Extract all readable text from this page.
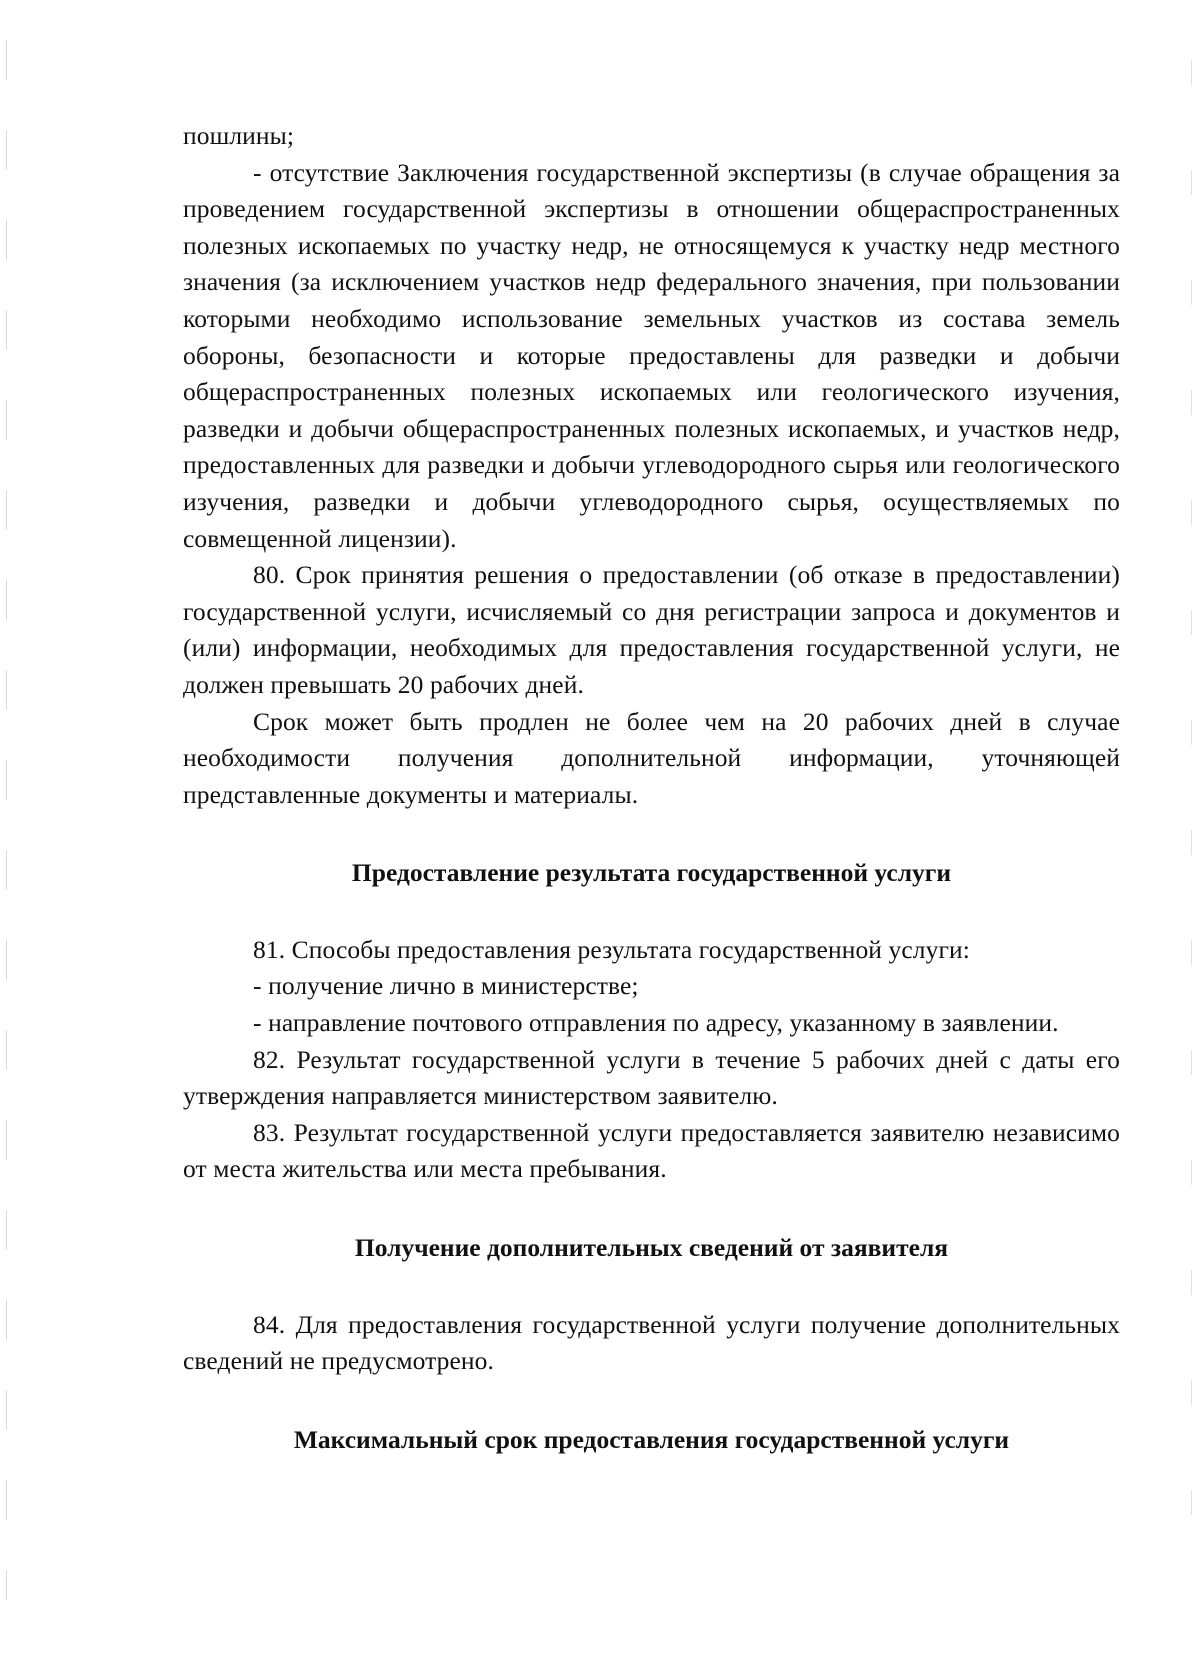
пошлины;

- отсутствие Заключения государственной экспертизы (в случае обращения за проведением государственной экспертизы в отношении общераспространенных полезных ископаемых по участку недр, не относящемуся к участку недр местного значения (за исключением участков недр федерального значения, при пользовании которыми необходимо использование земельных участков из состава земель обороны, безопасности и которые предоставлены для разведки и добычи общераспространенных полезных ископаемых или геологического изучения, разведки и добычи общераспространенных полезных ископаемых, и участков недр, предоставленных для разведки и добычи углеводородного сырья или геологического изучения, разведки и добычи углеводородного сырья, осуществляемых по совмещенной лицензии).

80. Срок принятия решения о предоставлении (об отказе в предоставлении) государственной услуги, исчисляемый со дня регистрации запроса и документов и (или) информации, необходимых для предоставления государственной услуги, не должен превышать 20 рабочих дней.

Срок может быть продлен не более чем на 20 рабочих дней в случае необходимости получения дополнительной информации, уточняющей представленные документы и материалы.

Предоставление результата государственной услуги

81. Способы предоставления результата государственной услуги:

- получение лично в министерстве;

- направление почтового отправления по адресу, указанному в заявлении.

82. Результат государственной услуги в течение 5 рабочих дней с даты его утверждения направляется министерством заявителю.

83. Результат государственной услуги предоставляется заявителю независимо от места жительства или места пребывания.

Получение дополнительных сведений от заявителя

84. Для предоставления государственной услуги получение дополнительных сведений не предусмотрено.

Максимальный срок предоставления государственной услуги
